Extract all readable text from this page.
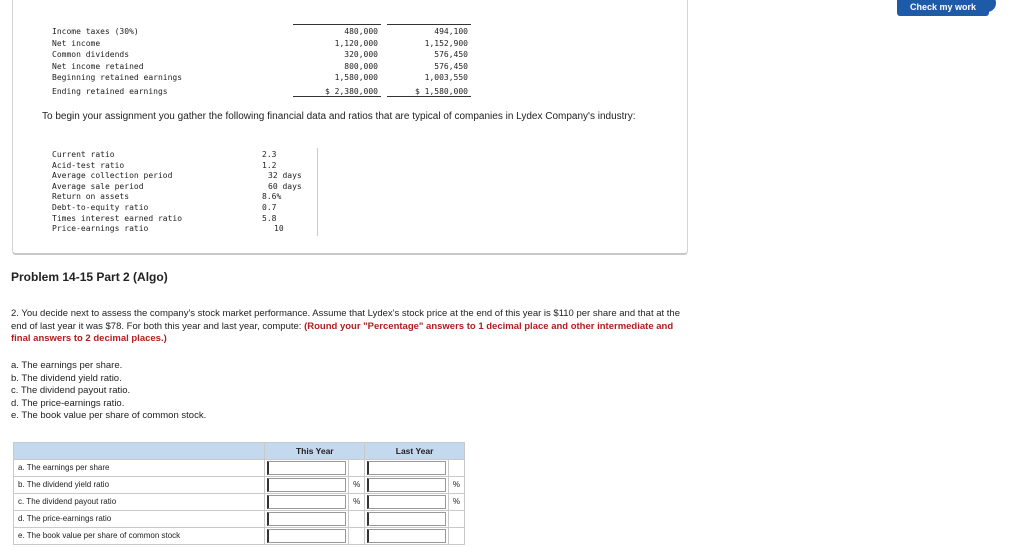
Check my work
Income taxes (30%)	480,000	494,100
Net income	1,120,000	1,152,900
Common dividends	320,000	576,450
Net income retained	800,000	576,450
Beginning retained earnings	1,580,000	1,003,550
Ending retained earnings	$ 2,380,000	$ 1,580,000
To begin your assignment you gather the following financial data and ratios that are typical of companies in Lydex Company's industry:
Current ratio	2.3
Acid-test ratio	1.2
Average collection period	32 days
Average sale period	60 days
Return on assets	8.6%
Debt-to-equity ratio	0.7
Times interest earned ratio	5.8
Price-earnings ratio	10
Problem 14-15 Part 2 (Algo)
2. You decide next to assess the company's stock market performance. Assume that Lydex's stock price at the end of this year is $110 per share and that at the end of last year it was $78. For both this year and last year, compute: (Round your "Percentage" answers to 1 decimal place and other intermediate and final answers to 2 decimal places.)
a. The earnings per share.
b. The dividend yield ratio.
c. The dividend payout ratio.
d. The price-earnings ratio.
e. The book value per share of common stock.
	This Year		Last Year	
a. The earnings per share				
b. The dividend yield ratio		%		%
c. The dividend payout ratio		%		%
d. The price-earnings ratio				
e. The book value per share of common stock				
